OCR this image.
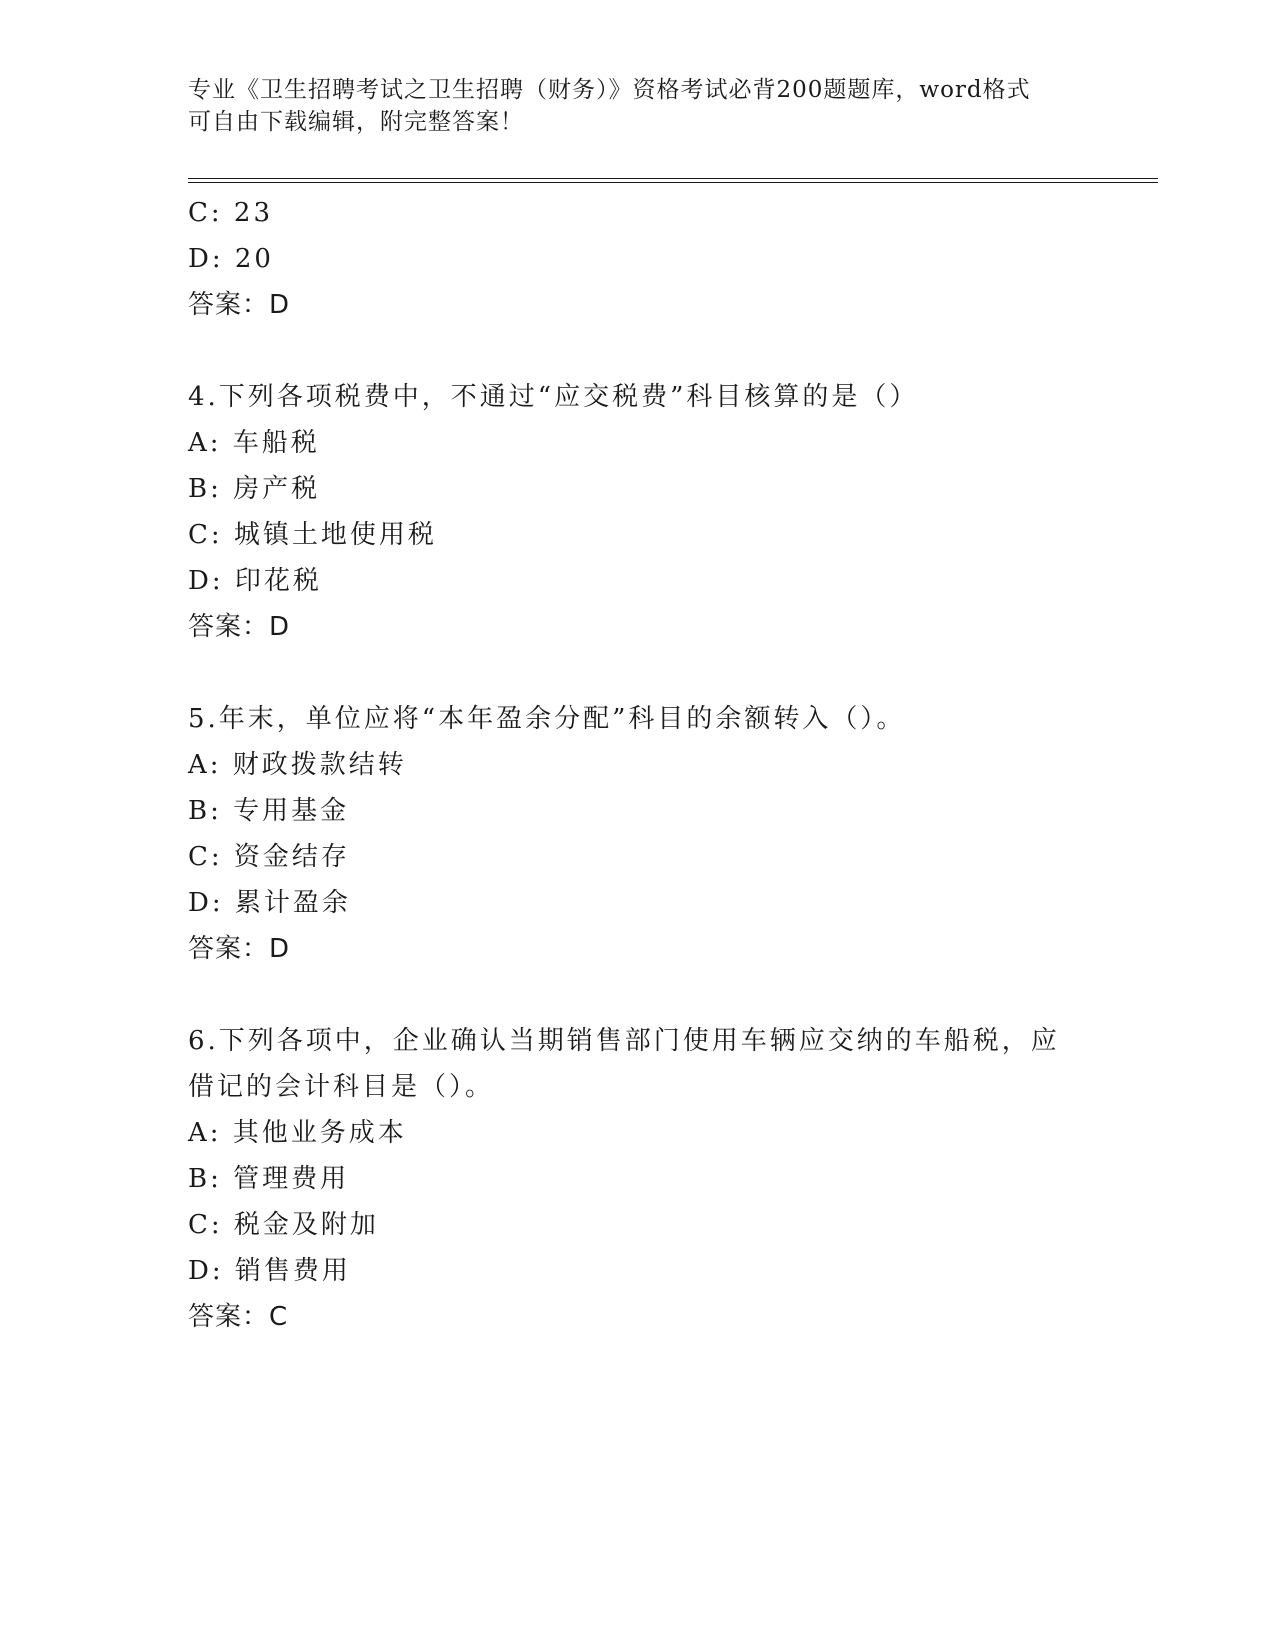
专业《卫生招聘考试之卫生招聘（财务）》资格考试必背200题题库，word格式
可自由下载编辑，附完整答案！
C: 23
D: 20
答案：D
4.下列各项税费中，不通过“应交税费”科目核算的是（）
A: 车船税
B: 房产税
C: 城镇土地使用税
D: 印花税
答案：D
5.年末，单位应将“本年盈余分配”科目的余额转入（）。
A: 财政拨款结转
B: 专用基金
C: 资金结存
D: 累计盈余
答案：D
6.下列各项中，企业确认当期销售部门使用车辆应交纳的车船税，应
借记的会计科目是（）。
A: 其他业务成本
B: 管理费用
C: 税金及附加
D: 销售费用
答案：C
